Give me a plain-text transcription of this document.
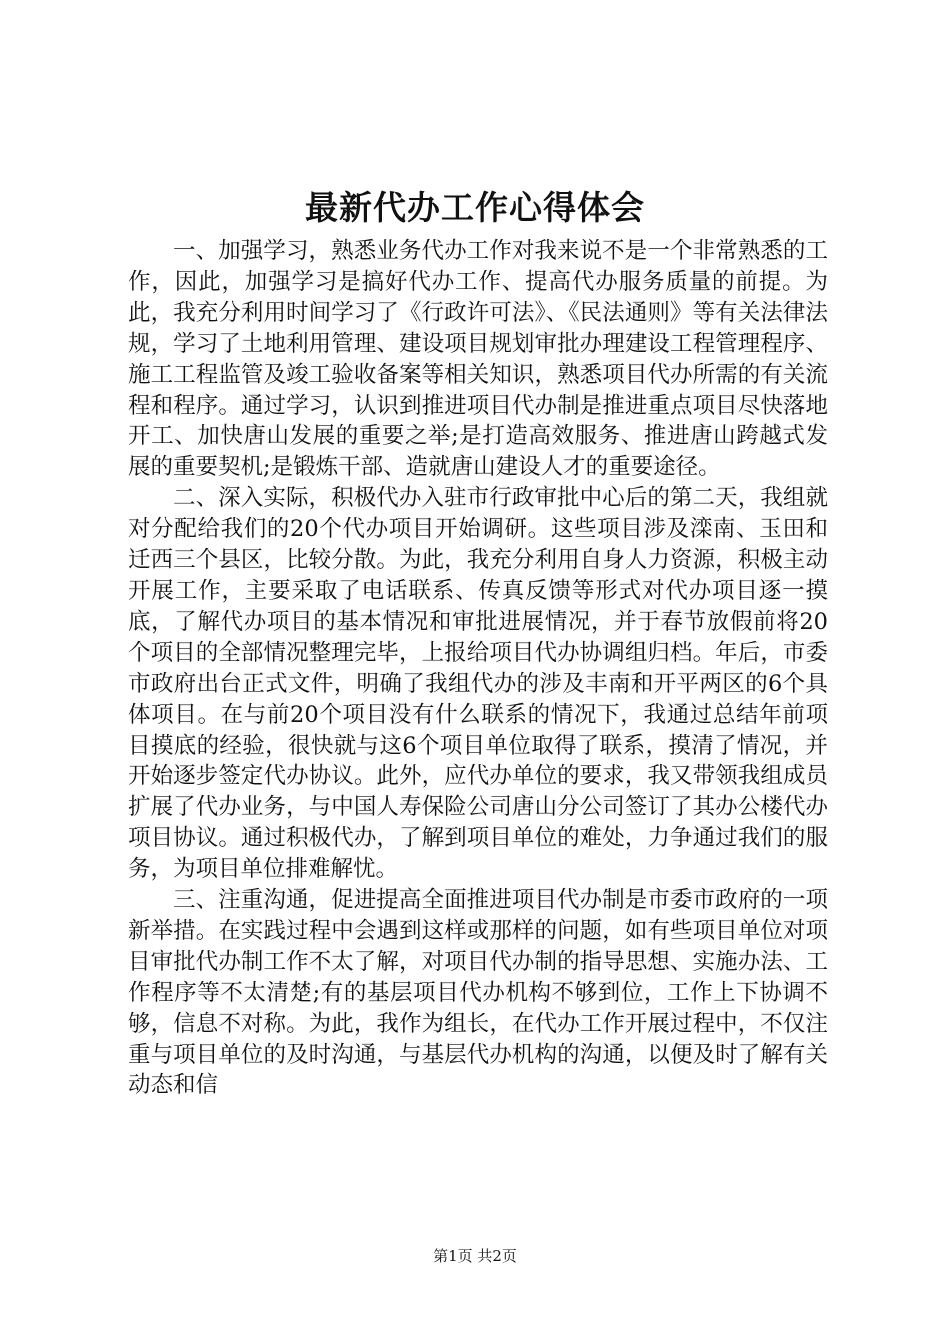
最新代办工作心得体会

一、加强学习，熟悉业务代办工作对我来说不是一个非常熟悉的工作，因此，加强学习是搞好代办工作、提高代办服务质量的前提。为此，我充分利用时间学习了《行政许可法》、《民法通则》等有关法律法规，学习了土地利用管理、建设项目规划审批办理建设工程管理程序、施工工程监管及竣工验收备案等相关知识，熟悉项目代办所需的有关流程和程序。通过学习，认识到推进项目代办制是推进重点项目尽快落地开工、加快唐山发展的重要之举;是打造高效服务、推进唐山跨越式发展的重要契机;是锻炼干部、造就唐山建设人才的重要途径。

二、深入实际，积极代办入驻市行政审批中心后的第二天，我组就对分配给我们的20个代办项目开始调研。这些项目涉及滦南、玉田和迁西三个县区，比较分散。为此，我充分利用自身人力资源，积极主动开展工作，主要采取了电话联系、传真反馈等形式对代办项目逐一摸底，了解代办项目的基本情况和审批进展情况，并于春节放假前将20个项目的全部情况整理完毕，上报给项目代办协调组归档。年后，市委市政府出台正式文件，明确了我组代办的涉及丰南和开平两区的6个具体项目。在与前20个项目没有什么联系的情况下，我通过总结年前项目摸底的经验，很快就与这6个项目单位取得了联系，摸清了情况，并开始逐步签定代办协议。此外，应代办单位的要求，我又带领我组成员扩展了代办业务，与中国人寿保险公司唐山分公司签订了其办公楼代办项目协议。通过积极代办，了解到项目单位的难处，力争通过我们的服务，为项目单位排难解忧。

三、注重沟通，促进提高全面推进项目代办制是市委市政府的一项新举措。在实践过程中会遇到这样或那样的问题，如有些项目单位对项目审批代办制工作不太了解，对项目代办制的指导思想、实施办法、工作程序等不太清楚;有的基层项目代办机构不够到位，工作上下协调不够，信息不对称。为此，我作为组长，在代办工作开展过程中，不仅注重与项目单位的及时沟通，与基层代办机构的沟通，以便及时了解有关动态和信

第1页 共2页
